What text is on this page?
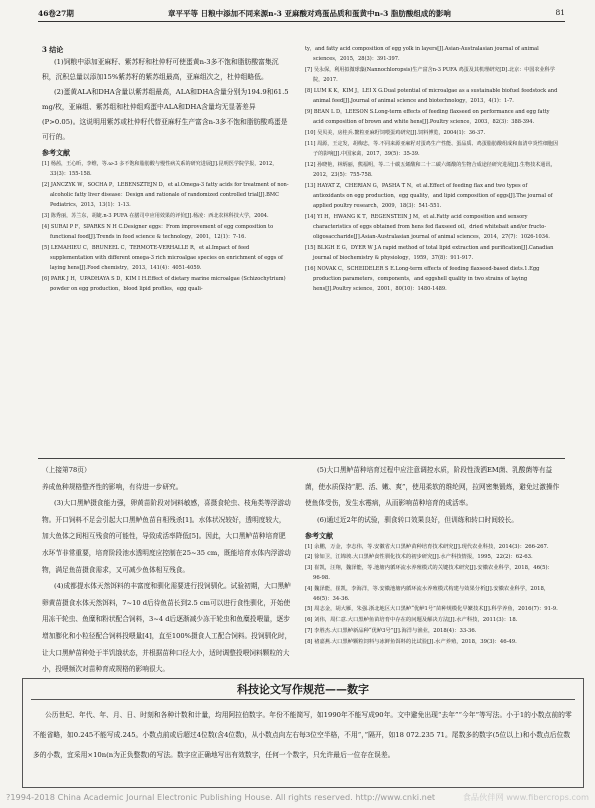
46卷27期	章平平等 日粮中添加不同来源n-3 亚麻酸对鸡蛋品质和蛋黄中n-3 脂肪酸组成的影响	81
3 结论

(1)饲粮中添加亚麻籽、紫苏籽和杜仲籽可使蛋黄n-3多不饱和脂肪酸富集沉积，沉积总量以添加15%紫苏籽的紫苏组最高，亚麻组次之，杜仲组略低。

(2)蛋黄ALA和DHA含量以紫苏组最高，ALA和DHA含量分别为194.9和61.5 mg/枚，亚麻组、紫苏组和杜仲组鸡蛋中ALA和DHA含量均无显著差异(P>0.05)。这说明用紫苏或杜仲籽代替亚麻籽生产富含n-3多不饱和脂肪酸鸡蛋是可行的。

参考文献
[1] 杨茜，王心昕，李维，等.ω-3 多不饱和脂肪酸与慢性病关系的研究进展[J].昆明医学院学报，2012，33(3)：155-158.
[2] JANCZYK W，SOCHA P，LEBENSZTEJN D，et al.Omega-3 fatty acids for treatment of non-alcoholic fatty liver disease：Design and rationale of randomized controlled trial[J].BMC Pediatrics，2013，13(1)：1-13.
[3] 陈秀丽，苏兰东，胡婕.n-3 PUFA 在膳司中应用效果的评价[J].杨凌：西北农林科技大学，2004.
[4] SURAI P F，SPARKS N H C.Designer eggs：From improvement of egg composition to functional food[J].Trends in food science & technology，2001，12(1)：7-16.
[5] LEMAHIEU C，BRUNEEL C，TERMOTE-VERHALLE R，et al.Impact of feed supplementation with different omega-3 rich microalgae species on enrichment of eggs of laying hens[J].Food chemistry，2013，141(4)：4051-4059.
[6] PARK J H，UPADHAYA S D，KIM I H.Effect of dietary marine microalgae (Schizochytrium) powder on egg production，blood lipid profiles，egg quali-
ty，and fatty acid composition of egg yolk in layers[J].Asian-Australasian journal of animal sciences，2015，28(3)：391-397.
[7] 吴永保，利用拟微球藻(Nannochloropsis)生产富含n-3 PUFA 鸡蛋及其机理研究[D].北京：中国农业科学院，2017.
[8] LUM K K，KIM J，LEI X G.Dual potential of microalgae as a sustainable biofuel feedstock and animal feed[J].Journal of animal science and biotechnology，2013，4(1)：1-7.
[9] BEAN L D，LEESON S.Long-term effects of feeding flaxseed on performance and egg fatty acid composition of brown and white hens[J].Poultry science，2003，82(3)：388-394.
[10] 吴贝美，房桂兵.鳌粒亚麻籽饲喂蛋鸡研究[J].饲料博览，2004(1)：36-37.
[11] 周源，王定发，胡梅忠，等.不同来源亚麻籽对蛋鸡生产性能、蛋品质、鸡蛋脂肪酸组成和血清中炎性细胞因子的影响[J].中国家禽，2017，39(5)：35-39.
[12] 孙晓艳，林炳丽，熊福明，等.二十碳五烯酸和二十二碳六烯酸的生物合成途径研究进展[J].生物技术通讯，2012，23(5)：755-758.
[13] HAYAT Z，CHERIAN G，PASHA T N，et al.Effect of feeding flax and two types of antioxidants on egg production，egg quality，and lipid composition of eggs[J].The journal of applied poultry research，2009，18(3)：541-551.
[14] YI H，HWANG K T，REGENSTEIN J M，et al.Fatty acid composition and sensory characteristics of eggs obtained from hens fed flaxseed oil，dried whitebait and/or fructo-oligosaccharide[J].Asian-Australasian journal of animal sciences，2014，27(7)：1026-1034.
[15] BLIGH E G，DYER W J.A rapid method of total lipid extraction and purification[J].Canadian journal of biochemistry & physiology，1959，37(8)：911-917.
[16] NOVAK C，SCHEIDELER S E.Long-term effects of feeding flaxseed-based diets.1.Egg production parameters，components，and eggshell quality in two strains of laying hens[J].Poultry science，2001，80(10)：1480-1489.

（上接第78页）

养成鱼种规格整齐性的影响，有待进一步研究。

(3)大口黑鲈摄食能力强，卵黄苗阶段对饲料敏感，喜摄食轮虫、枝角类等浮游动物。开口饲料不足会引起大口黑鲈鱼苗自相残杀[1]。水体状况较好，透明度较大，加大鱼体之间相互残食的可能性，导致成活率降低[5]。因此，大口黑鲈苗种培育肥水环节非常重要，培育阶段池水透明度应控制在25~35 cm，既能培育水体内浮游动物，满足鱼苗摄食需求，又可减少鱼体相互残食。

(4)成都提水体天然饵料的丰富度和驯化需要进行投饲驯化。试验初期，大口黑鲈卵黄苗摄食水体天然饵料，7~10 d后待鱼苗长到2.5 cm可以进行食性驯化，开始使用冻干轮虫、鱼糜和粉状配合饲料，3~4 d后逐渐减少冻干轮虫和鱼糜投喂量，逐步增加膨化和小粒径配合饲料投喂量[4]，直至100%摄食人工配合饲料。投饲驯化时，让大口黑鲈苗种处于半饥饿状态，并根据苗种口径大小，适时调整投喂饲料颗粒的大小，投喂频次对苗种育成规格的影响很大。

(5)大口黑鲈苗种培育过程中应注意调控水质，阶段性泼洒EM菌、乳酸菌等有益菌，使水质保持“肥、活、嫩、爽”，使用柔软的维纶网，拉网密集锻炼，避免过激操作使鱼体受伤，发生水霉病，从而影响苗种培育的成活率。

(6)通过近2年的试验，驯食转口效果良好，但训练和转口时间较长。

参考文献
[1] 余鹏，万金，李志伟，等.安徽省大口黑鲈苗种培育技术研究[J].现代农业科技，2014(3)：266-267.
[2] 徐如卫，江锦坡.大口黑鲈食性驯化技术的初步研究[J].水产科技情报，1995，22(2)：62-63.
[3] 崔凯，汪翔，魏泽能，等.池塘内循环流水养殖模式的关键技术研究[J].安徽农业科学，2018，46(5)：96-98.
[4] 魏泽能，崔凯，李海洋，等.安徽池塘内循环流水养殖模式构建与效果分析[J].安徽农业科学，2018，46(5)：34-36.
[5] 周志金，胡大雁，朱强.浙北地区大口黑鲈“优鲈1号”苗种规模化早繁技术[J].科学养鱼，2016(7)：91-9.
[6] 刘伟，周仁意.大口黑鲈鱼苗培育中存在的问题及解决方法[J].水产科技，2011(3)：18.
[7] 李胜杰.大口黑鲈新品种“优鲈3号”[J].海洋与渔业，2018(4)：33-36.
[8] 褚嘉燕.大口黑鲈颗粒饲料与冰鲜鱼饵料的比试验[J].水产养殖，2018，39(3)：46-49.
科技论文写作规范——数字
公历世纪、年代、年、月、日、时刻和各种计数和计量，均用阿拉伯数字。年份不能简写，如1990年不能写成90年。文中避免出现“去年”“今年”等写法。小于1的小数点前的零不能省略，如0.245不能写成.245。小数点前或后超过4位数(含4位数)，从小数点向左右每3位空半格，不用“，”隔开，如18 072.235 71。尾数多的数字(5位以上)和小数点后位数多的小数，宜采用×10n(n为正负整数)的写法。数字应正确地写出有效数字，任何一个数字，只允许最后一位存在误差。
?1994-2018 China Academic Journal Electronic Publishing House. All rights reserved. http://www.cnki.net	食品伙伴网 www.fibercrops.com
